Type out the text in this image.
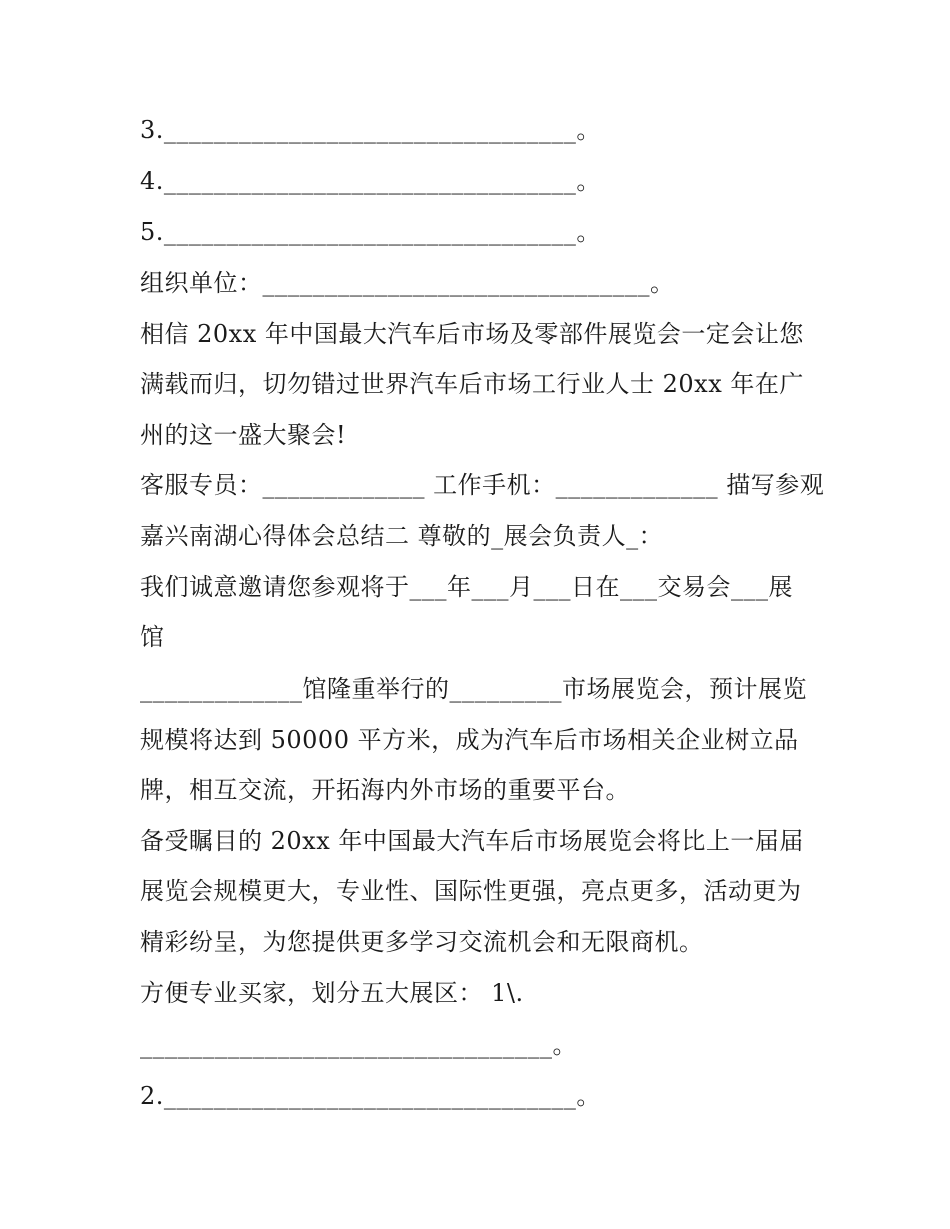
3._________________________________。
4._________________________________。
5._________________________________。
组织单位：_______________________________。
相信 20xx 年中国最大汽车后市场及零部件展览会一定会让您
满载而归，切勿错过世界汽车后市场工行业人士 20xx 年在广
州的这一盛大聚会!
客服专员：_____________ 工作手机：_____________ 描写参观
嘉兴南湖心得体会总结二 尊敬的_展会负责人_：
我们诚意邀请您参观将于___年___月___日在___交易会___展
馆
_____________馆隆重举行的_________市场展览会，预计展览
规模将达到 50000 平方米，成为汽车后市场相关企业树立品
牌，相互交流，开拓海内外市场的重要平台。
备受瞩目的 20xx 年中国最大汽车后市场展览会将比上一届届
展览会规模更大，专业性、国际性更强，亮点更多，活动更为
精彩纷呈，为您提供更多学习交流机会和无限商机。
方便专业买家，划分五大展区： 1\.
_________________________________。
2._________________________________。
